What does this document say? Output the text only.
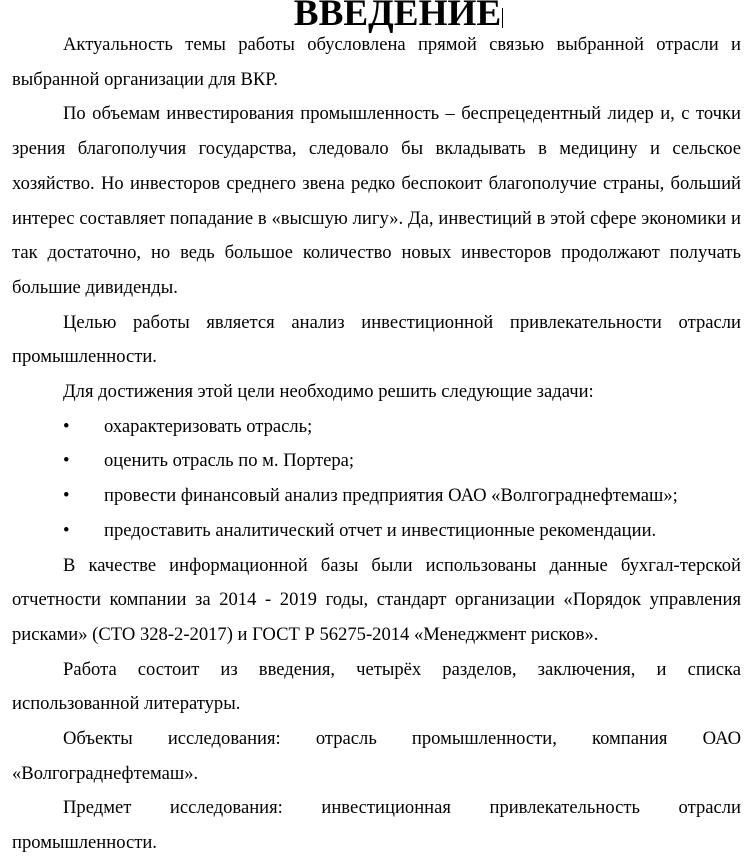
ВВЕДЕНИЕ

Актуальность темы работы обусловлена прямой связью выбранной отрасли и выбранной организации для ВКР.

По объемам инвестирования промышленность – беспрецедентный лидер и, с точки зрения благополучия государства, следовало бы вкладывать в медицину и сельское хозяйство. Но инвесторов среднего звена редко беспокоит благополучие страны, больший интерес составляет попадание в «высшую лигу». Да, инвестиций в этой сфере экономики и так достаточно, но ведь большое количество новых инвесторов продолжают получать большие дивиденды.

Целью работы является анализ инвестиционной привлекательности отрасли промышленности.

Для достижения этой цели необходимо решить следующие задачи:

• охарактеризовать отрасль;
• оценить отрасль по м. Портера;
• провести финансовый анализ предприятия ОАО «Волгограднефтемаш»;
• предоставить аналитический отчет и инвестиционные рекомендации.

В качестве информационной базы были использованы данные бухгал-терской отчетности компании за 2014 - 2019 годы, стандарт организации «Порядок управления рисками» (СТО 328-2-2017) и ГОСТ Р 56275-2014 «Менеджмент рисков».

Работа состоит из введения, четырёх разделов, заключения, и списка использованной литературы.

Объекты исследования: отрасль промышленности, компания ОАО «Волгограднефтемаш».

Предмет исследования: инвестиционная привлекательность отрасли промышленности.
